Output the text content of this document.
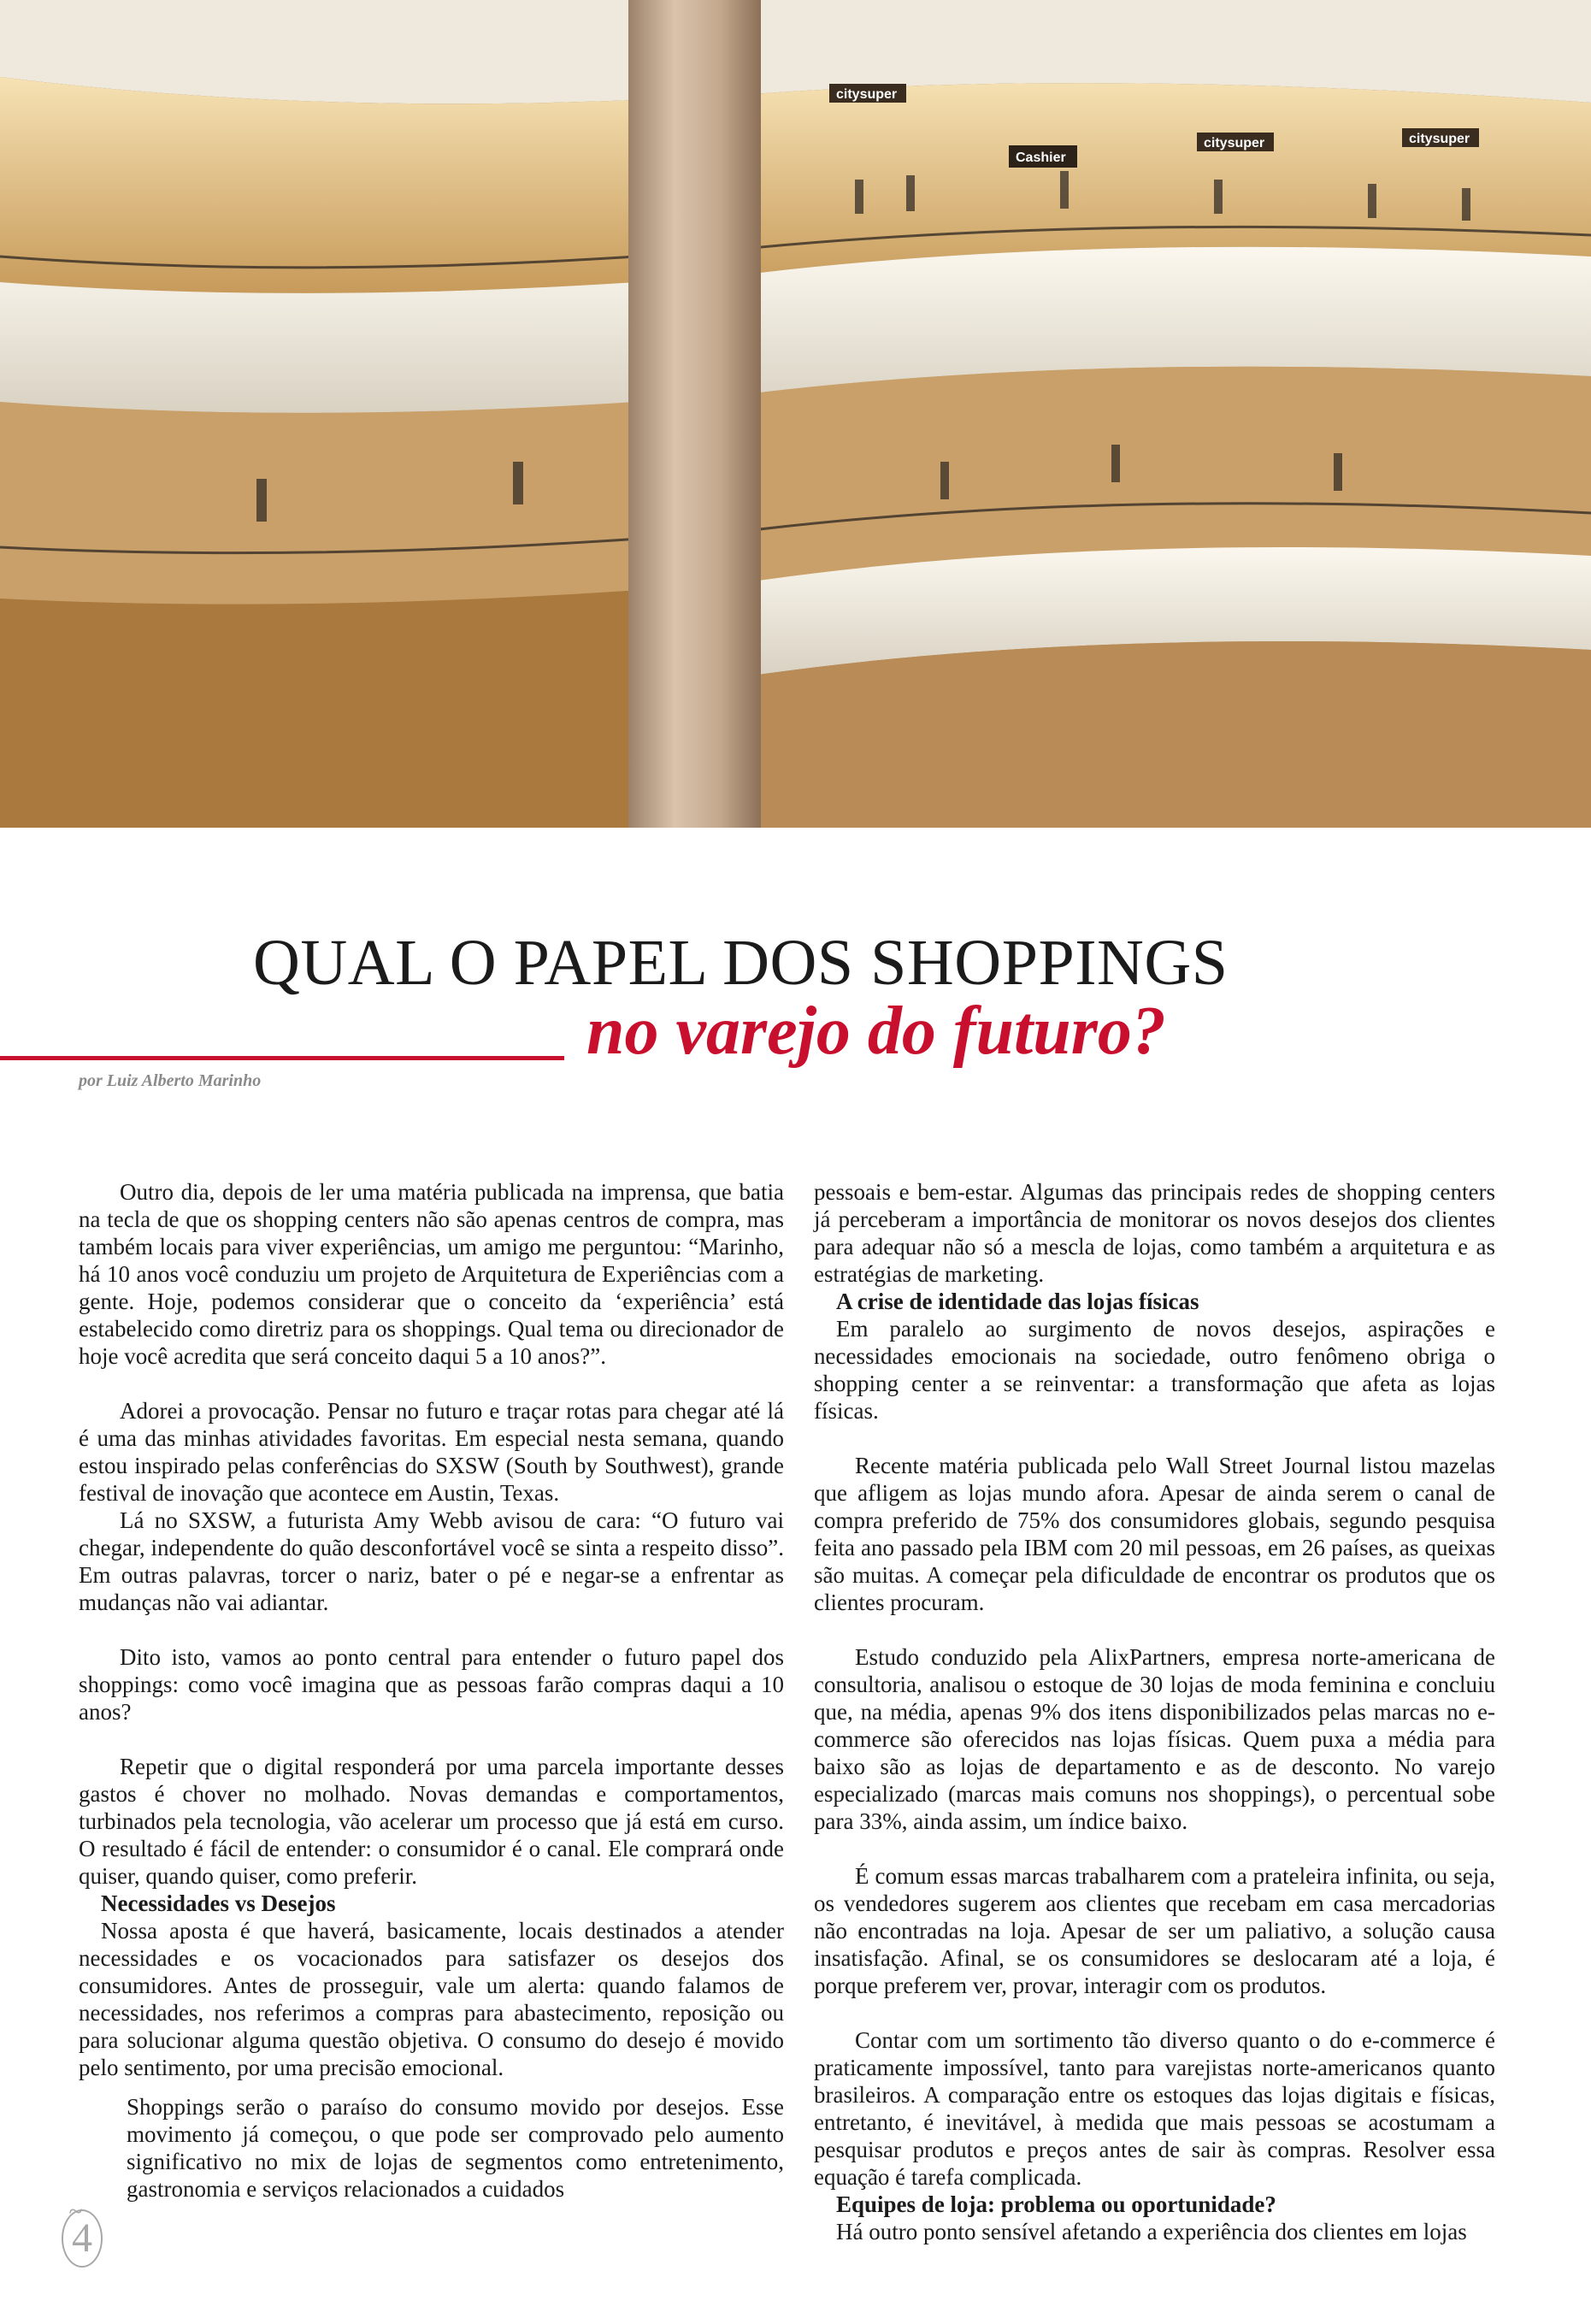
citysuper
Cashier
citysuper	citysuper
QUAL O PAPEL DOS SHOPPINGS
no varejo do futuro?
por Luiz Alberto Marinho

Outro dia, depois de ler uma matéria publicada na imprensa, que batia na tecla de que os shopping centers não são apenas centros de compra, mas também locais para viver experiências, um amigo me perguntou: “Marinho, há 10 anos você conduziu um projeto de Arquitetura de Experiências com a gente. Hoje, podemos considerar que o conceito da ‘experiência’ está estabelecido como diretriz para os shoppings. Qual tema ou direcionador de hoje você acredita que será conceito daqui 5 a 10 anos?”.

Adorei a provocação. Pensar no futuro e traçar rotas para chegar até lá é uma das minhas atividades favoritas. Em especial nesta semana, quando estou inspirado pelas conferências do SXSW (South by Southwest), grande festival de inovação que acontece em Austin, Texas.

Lá no SXSW, a futurista Amy Webb avisou de cara: “O futuro vai chegar, independente do quão desconfortável você se sinta a respeito disso”. Em outras palavras, torcer o nariz, bater o pé e negar-se a enfrentar as mudanças não vai adiantar.

Dito isto, vamos ao ponto central para entender o futuro papel dos shoppings: como você imagina que as pessoas farão compras daqui a 10 anos?

Repetir que o digital responderá por uma parcela importante desses gastos é chover no molhado. Novas demandas e comportamentos, turbinados pela tecnologia, vão acelerar um processo que já está em curso. O resultado é fácil de entender: o consumidor é o canal. Ele comprará onde quiser, quando quiser, como preferir.

Necessidades vs Desejos

Nossa aposta é que haverá, basicamente, locais destinados a atender necessidades e os vocacionados para satisfazer os desejos dos consumidores. Antes de prosseguir, vale um alerta: quando falamos de necessidades, nos referimos a compras para abastecimento, reposição ou para solucionar alguma questão objetiva. O consumo do desejo é movido pelo sentimento, por uma precisão emocional.

Shoppings serão o paraíso do consumo movido por desejos. Esse movimento já começou, o que pode ser comprovado pelo aumento significativo no mix de lojas de segmentos como entretenimento, gastronomia e serviços relacionados a cuidados

pessoais e bem-estar. Algumas das principais redes de shopping centers já perceberam a importância de monitorar os novos desejos dos clientes para adequar não só a mescla de lojas, como também a arquitetura e as estratégias de marketing.

A crise de identidade das lojas físicas

Em paralelo ao surgimento de novos desejos, aspirações e necessidades emocionais na sociedade, outro fenômeno obriga o shopping center a se reinventar: a transformação que afeta as lojas físicas.

Recente matéria publicada pelo Wall Street Journal listou mazelas que afligem as lojas mundo afora. Apesar de ainda serem o canal de compra preferido de 75% dos consumidores globais, segundo pesquisa feita ano passado pela IBM com 20 mil pessoas, em 26 países, as queixas são muitas. A começar pela dificuldade de encontrar os produtos que os clientes procuram.

Estudo conduzido pela AlixPartners, empresa norte-americana de consultoria, analisou o estoque de 30 lojas de moda feminina e concluiu que, na média, apenas 9% dos itens disponibilizados pelas marcas no e-commerce são oferecidos nas lojas físicas. Quem puxa a média para baixo são as lojas de departamento e as de desconto. No varejo especializado (marcas mais comuns nos shoppings), o percentual sobe para 33%, ainda assim, um índice baixo.

É comum essas marcas trabalharem com a prateleira infinita, ou seja, os vendedores sugerem aos clientes que recebam em casa mercadorias não encontradas na loja. Apesar de ser um paliativo, a solução causa insatisfação. Afinal, se os consumidores se deslocaram até a loja, é porque preferem ver, provar, interagir com os produtos.

Contar com um sortimento tão diverso quanto o do e-commerce é praticamente impossível, tanto para varejistas norte-americanos quanto brasileiros. A comparação entre os estoques das lojas digitais e físicas, entretanto, é inevitável, à medida que mais pessoas se acostumam a pesquisar produtos e preços antes de sair às compras. Resolver essa equação é tarefa complicada.

Equipes de loja: problema ou oportunidade?

Há outro ponto sensível afetando a experiência dos clientes em lojas

~
4
